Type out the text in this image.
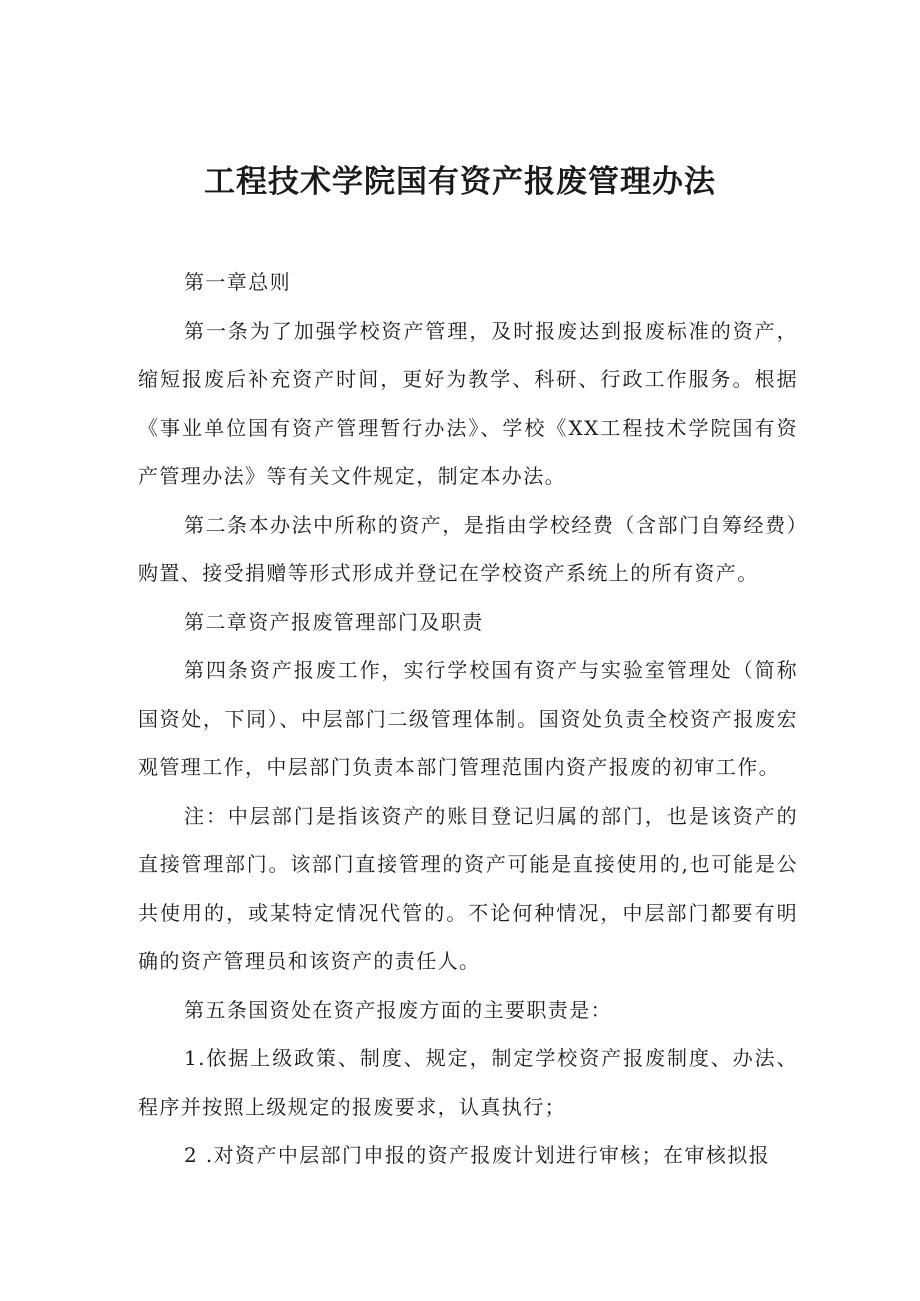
工程技术学院国有资产报废管理办法

第一章总则

第一条为了加强学校资产管理，及时报废达到报废标准的资产，缩短报废后补充资产时间，更好为教学、科研、行政工作服务。根据《事业单位国有资产管理暂行办法》、学校《XX工程技术学院国有资产管理办法》等有关文件规定，制定本办法。

第二条本办法中所称的资产，是指由学校经费（含部门自筹经费）购置、接受捐赠等形式形成并登记在学校资产系统上的所有资产。

第二章资产报废管理部门及职责

第四条资产报废工作，实行学校国有资产与实验室管理处（简称国资处，下同）、中层部门二级管理体制。国资处负责全校资产报废宏观管理工作，中层部门负责本部门管理范围内资产报废的初审工作。

注：中层部门是指该资产的账目登记归属的部门，也是该资产的直接管理部门。该部门直接管理的资产可能是直接使用的,也可能是公共使用的，或某特定情况代管的。不论何种情况，中层部门都要有明确的资产管理员和该资产的责任人。

第五条国资处在资产报废方面的主要职责是：

1.依据上级政策、制度、规定，制定学校资产报废制度、办法、程序并按照上级规定的报废要求，认真执行；

2 .对资产中层部门申报的资产报废计划进行审核；在审核拟报
